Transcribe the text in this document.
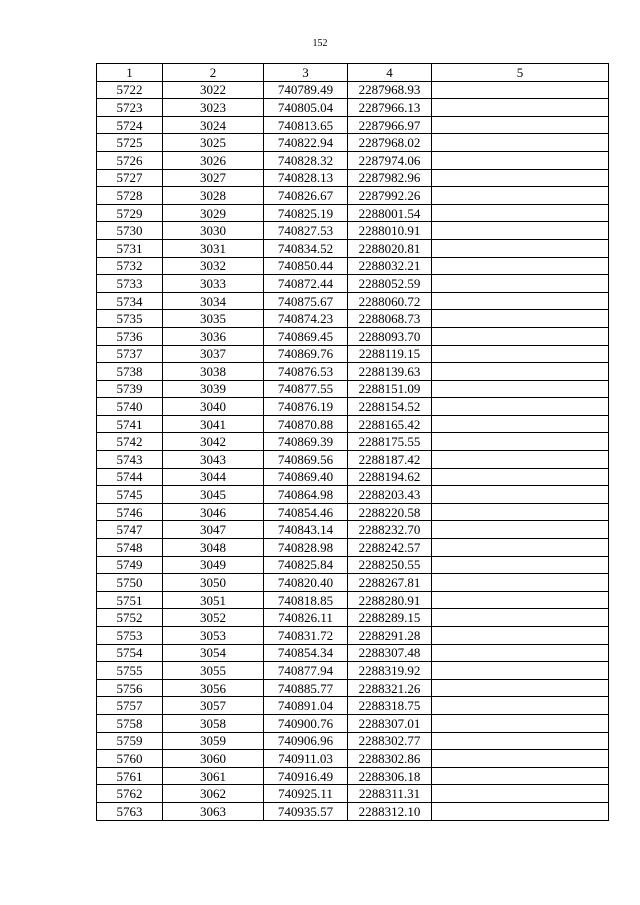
152
1	2	3	4	5
5722	3022	740789.49	2287968.93	
5723	3023	740805.04	2287966.13	
5724	3024	740813.65	2287966.97	
5725	3025	740822.94	2287968.02	
5726	3026	740828.32	2287974.06	
5727	3027	740828.13	2287982.96	
5728	3028	740826.67	2287992.26	
5729	3029	740825.19	2288001.54	
5730	3030	740827.53	2288010.91	
5731	3031	740834.52	2288020.81	
5732	3032	740850.44	2288032.21	
5733	3033	740872.44	2288052.59	
5734	3034	740875.67	2288060.72	
5735	3035	740874.23	2288068.73	
5736	3036	740869.45	2288093.70	
5737	3037	740869.76	2288119.15	
5738	3038	740876.53	2288139.63	
5739	3039	740877.55	2288151.09	
5740	3040	740876.19	2288154.52	
5741	3041	740870.88	2288165.42	
5742	3042	740869.39	2288175.55	
5743	3043	740869.56	2288187.42	
5744	3044	740869.40	2288194.62	
5745	3045	740864.98	2288203.43	
5746	3046	740854.46	2288220.58	
5747	3047	740843.14	2288232.70	
5748	3048	740828.98	2288242.57	
5749	3049	740825.84	2288250.55	
5750	3050	740820.40	2288267.81	
5751	3051	740818.85	2288280.91	
5752	3052	740826.11	2288289.15	
5753	3053	740831.72	2288291.28	
5754	3054	740854.34	2288307.48	
5755	3055	740877.94	2288319.92	
5756	3056	740885.77	2288321.26	
5757	3057	740891.04	2288318.75	
5758	3058	740900.76	2288307.01	
5759	3059	740906.96	2288302.77	
5760	3060	740911.03	2288302.86	
5761	3061	740916.49	2288306.18	
5762	3062	740925.11	2288311.31	
5763	3063	740935.57	2288312.10	
